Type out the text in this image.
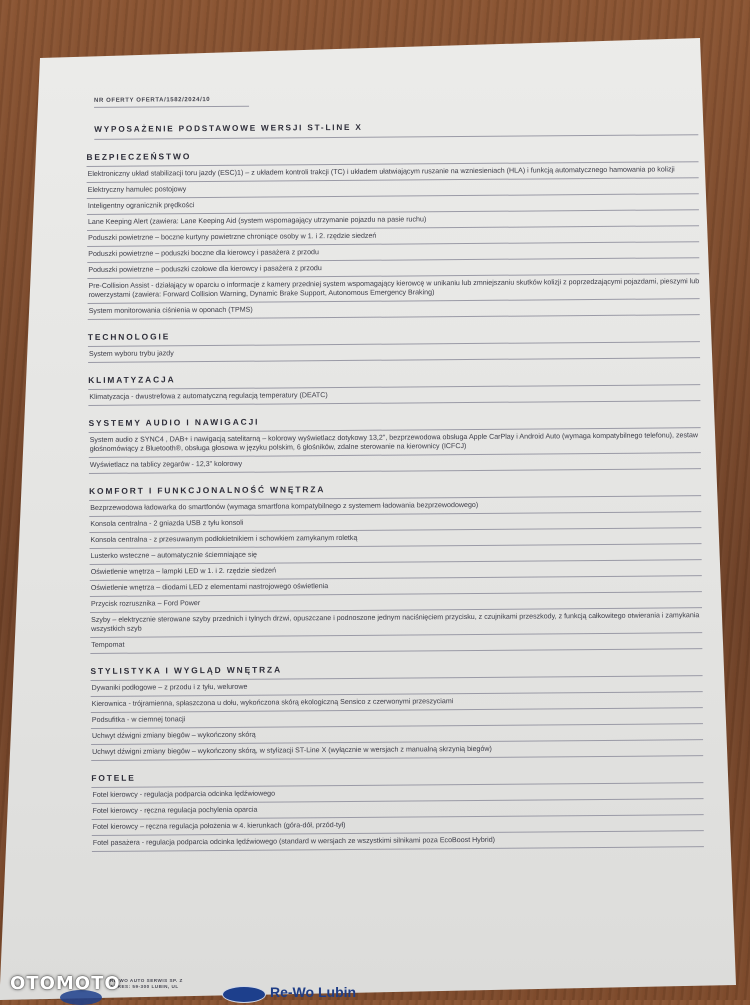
NR OFERTY OFERTA/1582/2024/10
WYPOSAŻENIE PODSTAWOWE WERSJI ST-LINE X
BEZPIECZEŃSTWO
Elektroniczny układ stabilizacji toru jazdy (ESC)1) – z układem kontroli trakcji (TC) i układem ułatwiającym ruszanie na wzniesieniach (HLA) i funkcją automatycznego hamowania po kolizji
Elektryczny hamulec postojowy
Inteligentny ogranicznik prędkości
Lane Keeping Alert (zawiera: Lane Keeping Aid (system wspomagający utrzymanie pojazdu na pasie ruchu)
Poduszki powietrzne – boczne kurtyny powietrzne chroniące osoby w 1. i 2. rzędzie siedzeń
Poduszki powietrzne – poduszki boczne dla kierowcy i pasażera z przodu
Poduszki powietrzne – poduszki czołowe dla kierowcy i pasażera z przodu
Pre-Collision Assist - działający w oparciu o informacje z kamery przedniej system wspomagający kierowcę w unikaniu lub zmniejszaniu skutków kolizji z poprzedzającymi pojazdami, pieszymi lub rowerzystami (zawiera: Forward Collision Warning, Dynamic Brake Support, Autonomous Emergency Braking)
System monitorowania ciśnienia w oponach (TPMS)
TECHNOLOGIE
System wyboru trybu jazdy
KLIMATYZACJA
Klimatyzacja - dwustrefowa z automatyczną regulacją temperatury (DEATC)
SYSTEMY AUDIO I NAWIGACJI
System audio z SYNC4 , DAB+ i nawigacją satelitarną – kolorowy wyświetlacz dotykowy 13,2", bezprzewodowa obsługa Apple CarPlay i Android Auto (wymaga kompatybilnego telefonu), zestaw głośnomówiący z Bluetooth®, obsługa głosowa w języku polskim, 6 głośników, zdalne sterowanie na kierownicy (ICFCJ)
Wyświetlacz na tablicy zegarów - 12,3" kolorowy
KOMFORT I FUNKCJONALNOŚĆ WNĘTRZA
Bezprzewodowa ładowarka do smartfonów (wymaga smartfona kompatybilnego z systemem ładowania bezprzewodowego)
Konsola centralna - 2 gniazda USB z tyłu konsoli
Konsola centralna - z przesuwanym podłokietnikiem i schowkiem zamykanym roletką
Lusterko wsteczne – automatycznie ściemniające się
Oświetlenie wnętrza – lampki LED w 1. i 2. rzędzie siedzeń
Oświetlenie wnętrza – diodami LED z elementami nastrojowego oświetlenia
Przycisk rozrusznika – Ford Power
Szyby – elektrycznie sterowane szyby przednich i tylnych drzwi, opuszczane i podnoszone jednym naciśnięciem przycisku, z czujnikami przeszkody, z funkcją całkowitego otwierania i zamykania wszystkich szyb
Tempomat
STYLISTYKA I WYGLĄD WNĘTRZA
Dywaniki podłogowe – z przodu i z tyłu, welurowe
Kierownica - trójramienna, spłaszczona u dołu, wykończona skórą ekologiczną Sensico z czerwonymi przeszyciami
Podsufitka - w ciemnej tonacji
Uchwyt dźwigni zmiany biegów – wykończony skórą
Uchwyt dźwigni zmiany biegów – wykończony skórą, w stylizacji ST-Line X (wyłącznie w wersjach z manualną skrzynią biegów)
FOTELE
Fotel kierowcy - regulacja podparcia odcinka lędźwiowego
Fotel kierowcy - ręczna regulacja pochylenia oparcia
Fotel kierowcy – ręczna regulacja położenia w 4. kierunkach (góra-dół, przód-tył)
Fotel pasażera - regulacja podparcia odcinka lędźwiowego (standard w wersjach ze wszystkimi silnikami poza EcoBoost Hybrid)
RE-WO AUTO SERWIS SP. Z
ADRES: 59-300 LUBIN, UL	Re-Wo Lubin
OTOMOTO
